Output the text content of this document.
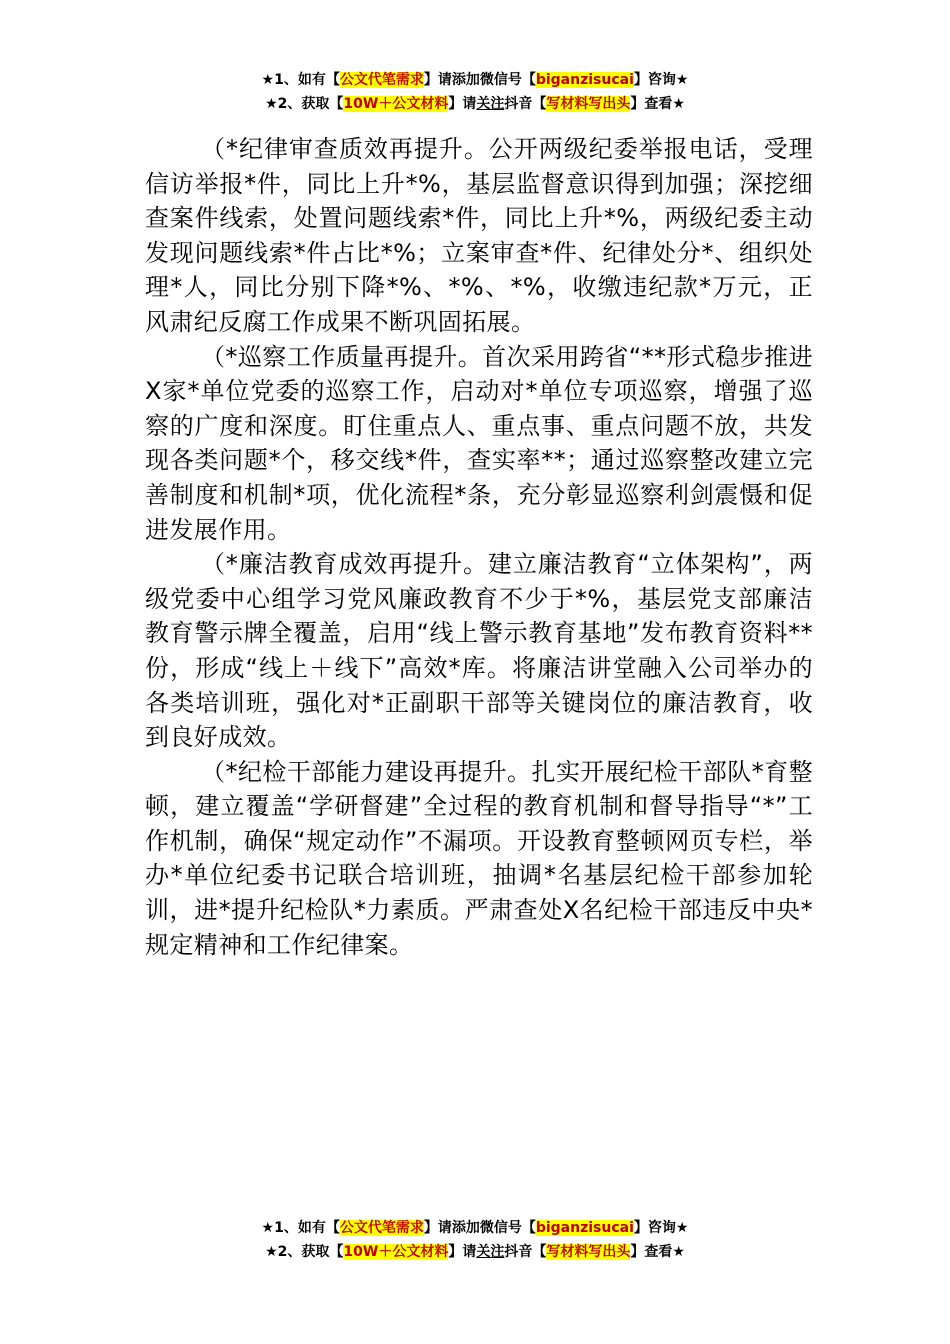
★1、如有【公文代笔需求】请添加微信号【biganzisucai】咨询★
★2、获取【10W＋公文材料】请关注抖音【写材料写出头】查看★

（*纪律审查质效再提升。公开两级纪委举报电话，受理信访举报*件，同比上升*%，基层监督意识得到加强；深挖细查案件线索，处置问题线索*件，同比上升*%，两级纪委主动发现问题线索*件占比*%；立案审查*件、纪律处分*、组织处理*人，同比分别下降*%、*%、*%，收缴违纪款*万元，正风肃纪反腐工作成果不断巩固拓展。

（*巡察工作质量再提升。首次采用跨省“**形式稳步推进X家*单位党委的巡察工作，启动对*单位专项巡察，增强了巡察的广度和深度。盯住重点人、重点事、重点问题不放，共发现各类问题*个，移交线*件，查实率**；通过巡察整改建立完善制度和机制*项，优化流程*条，充分彰显巡察利剑震慑和促进发展作用。

（*廉洁教育成效再提升。建立廉洁教育“立体架构”，两级党委中心组学习党风廉政教育不少于*%，基层党支部廉洁教育警示牌全覆盖，启用“线上警示教育基地”发布教育资料**份，形成“线上＋线下”高效*库。将廉洁讲堂融入公司举办的各类培训班，强化对*正副职干部等关键岗位的廉洁教育，收到良好成效。

（*纪检干部能力建设再提升。扎实开展纪检干部队*育整顿，建立覆盖“学研督建”全过程的教育机制和督导指导“*”工作机制，确保“规定动作”不漏项。开设教育整顿网页专栏，举办*单位纪委书记联合培训班，抽调*名基层纪检干部参加轮训，进*提升纪检队*力素质。严肃查处X名纪检干部违反中央*规定精神和工作纪律案。

★1、如有【公文代笔需求】请添加微信号【biganzisucai】咨询★
★2、获取【10W＋公文材料】请关注抖音【写材料写出头】查看★
